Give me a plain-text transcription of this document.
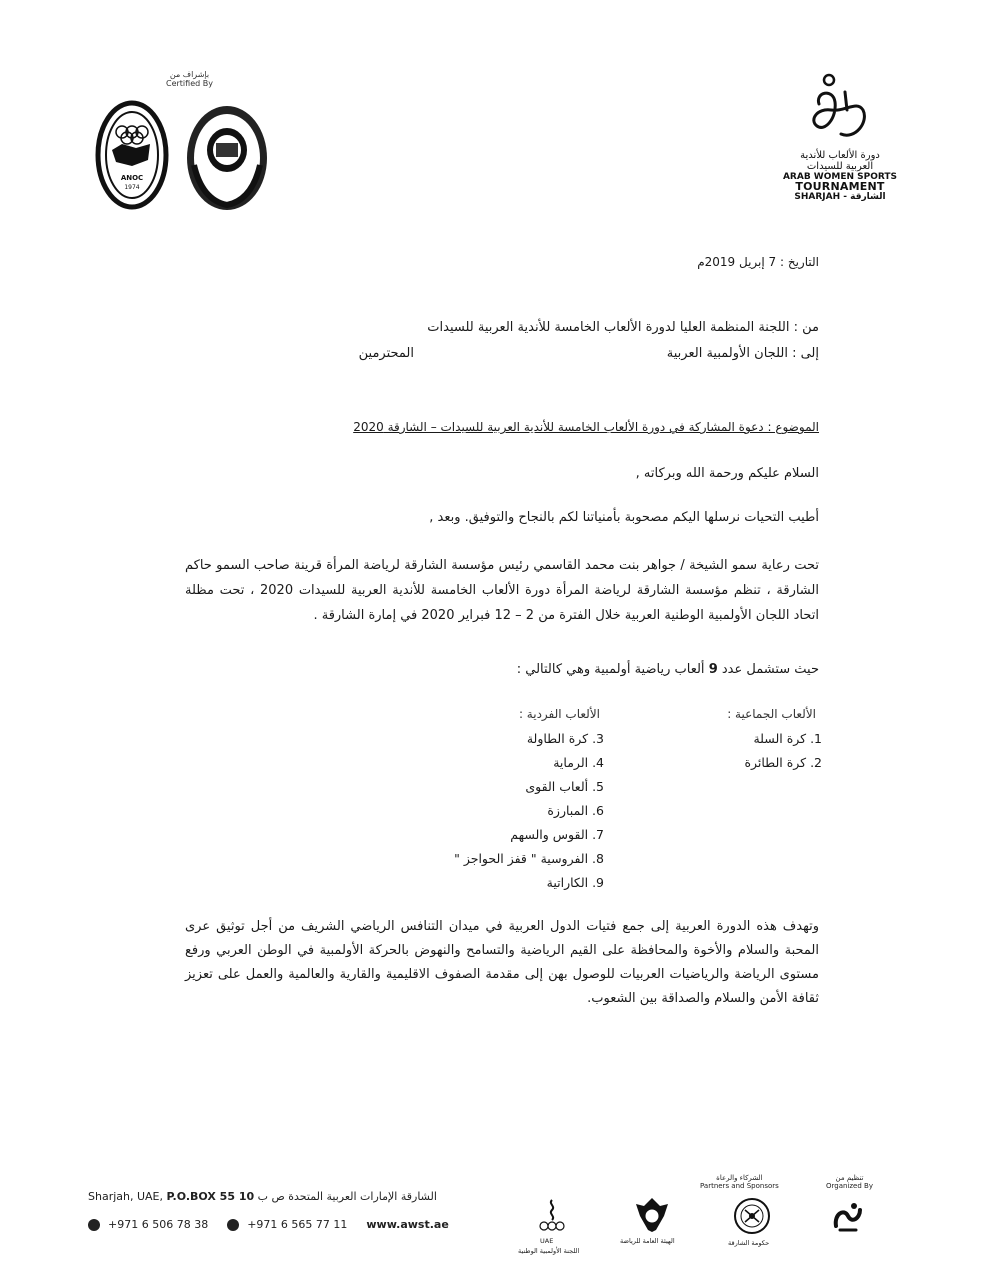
بإشراف من
Certified By
ANOC
1974
دورة الألعاب للأندية
العربية للسيدات
ARAB WOMEN SPORTS
TOURNAMENT
SHARJAH - الشارقة
التاريخ : 7 إبريل 2019م
من : اللجنة المنظمة العليا لدورة الألعاب الخامسة للأندية العربية للسيدات
إلى : اللجان الأولمبية العربية
المحترمين
الموضوع : دعوة المشاركة في دورة الألعاب الخامسة للأندية العربية للسيدات – الشارقة 2020
السلام عليكم ورحمة الله وبركاته ,
أطيب التحيات نرسلها اليكم مصحوبة بأمنياتنا لكم بالنجاح والتوفيق. وبعد ,
تحت رعاية سمو الشيخة / جواهر بنت محمد القاسمي رئيس مؤسسة الشارقة لرياضة المرأة قرينة صاحب السمو حاكم الشارقة ، تنظم مؤسسة الشارقة لرياضة المرأة دورة الألعاب الخامسة للأندية العربية للسيدات 2020 ، تحت مظلة اتحاد اللجان الأولمبية الوطنية العربية خلال الفترة من 2 – 12 فبراير 2020 في إمارة الشارقة .
حيث ستشمل عدد 9 ألعاب رياضية أولمبية وهي كالتالي :
الألعاب الجماعية :
الألعاب الفردية :
1. كرة السلة
2. كرة الطائرة
3. كرة الطاولة
4. الرماية
5. ألعاب القوى
6. المبارزة
7. القوس والسهم
8. الفروسية " قفز الحواجز "
9. الكاراتية
وتهدف هذه الدورة العربية إلى جمع فتيات الدول العربية في ميدان التنافس الرياضي الشريف من أجل توثيق عرى المحبة والسلام والأخوة والمحافظة على القيم الرياضية والتسامح والنهوض بالحركة الأولمبية في الوطن العربي ورفع مستوى الرياضة والرياضيات العربيات للوصول بهن إلى مقدمة الصفوف الاقليمية والقارية والعالمية والعمل على تعزيز ثقافة الأمن والسلام والصداقة بين الشعوب.
Sharjah, UAE, P.O.BOX 55 10 الشارقة الإمارات العربية المتحدة ص ب
+971 6 506 78 38	+971 6 565 77 11 www.awst.ae
الشركاء والرعاة
Partners and Sponsors
تنظيم من
Organized By
UAE
اللجنة الأولمبية الوطنية
الهيئة العامة للرياضة	حكومة الشارقة
